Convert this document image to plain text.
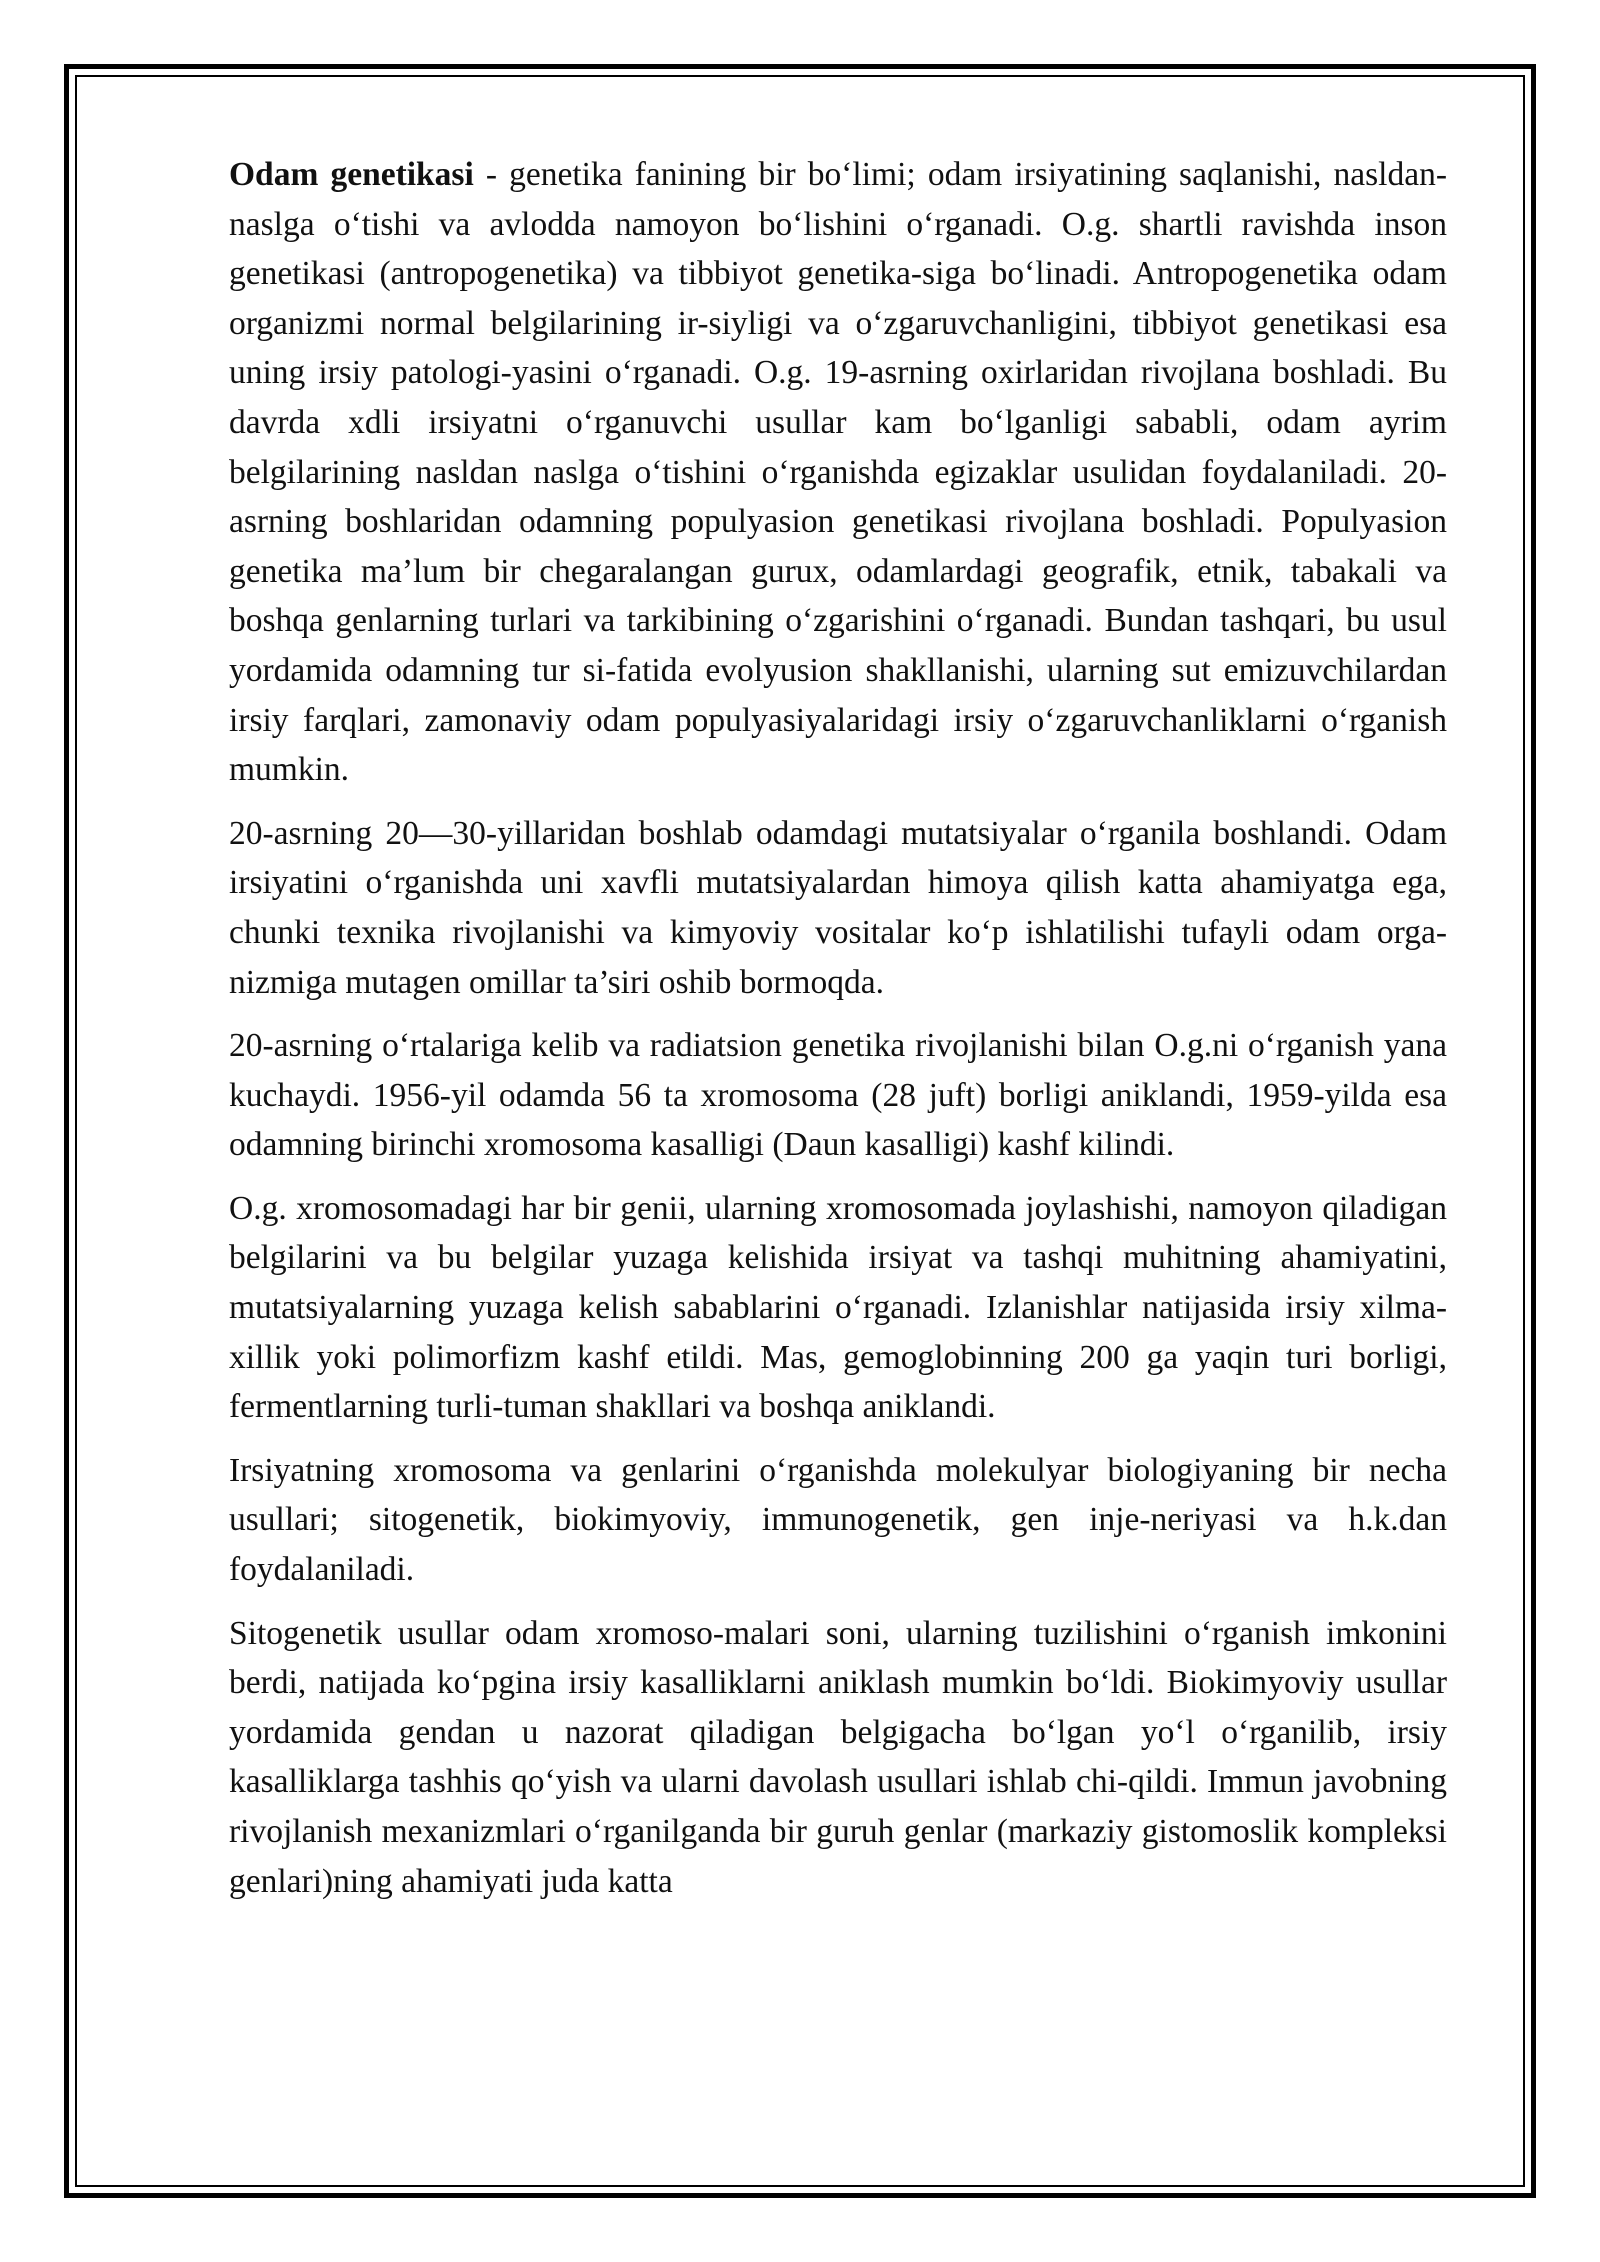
Odam genetikasi - genetika fanining bir bo‘limi; odam irsiyatining saqlanishi, nasldan-naslga o‘tishi va avlodda namoyon bo‘lishini o‘rganadi. O.g. shartli ravishda inson genetikasi (antropogenetika) va tibbiyot genetika-siga bo‘linadi. Antropogenetika odam organizmi normal belgilarining ir-siyligi va o‘zgaruvchanligini, tibbiyot genetikasi esa uning irsiy patologi-yasini o‘rganadi. O.g. 19-asrning oxirlaridan rivojlana boshladi. Bu davrda xdli irsiyatni o‘rganuvchi usullar kam bo‘lganligi sababli, odam ayrim belgilarining nasldan naslga o‘tishini o‘rganishda egizaklar usulidan foydalaniladi. 20-asrning boshlaridan odamning populyasion genetikasi rivojlana boshladi. Populyasion genetika ma’lum bir chegaralangan gurux, odamlardagi geografik, etnik, tabakali va boshqa genlarning turlari va tarkibining o‘zgarishini o‘rganadi. Bundan tashqari, bu usul yordamida odamning tur si-fatida evolyusion shakllanishi, ularning sut emizuvchilardan irsiy farqlari, zamonaviy odam populyasiyalaridagi irsiy o‘zgaruvchanliklarni o‘rganish mumkin.

20-asrning 20—30-yillaridan boshlab odamdagi mutatsiyalar o‘rganila boshlandi. Odam irsiyatini o‘rganishda uni xavfli mutatsiyalardan himoya qilish katta ahamiyatga ega, chunki texnika rivojlanishi va kimyoviy vositalar ko‘p ishlatilishi tufayli odam orga-nizmiga mutagen omillar ta’siri oshib bormoqda.

20-asrning o‘rtalariga kelib va radiatsion genetika rivojlanishi bilan O.g.ni o‘rganish yana kuchaydi. 1956-yil odamda 56 ta xromosoma (28 juft) borligi aniklandi, 1959-yilda esa odamning birinchi xromosoma kasalligi (Daun kasalligi) kashf kilindi.

O.g. xromosomadagi har bir genii, ularning xromosomada joylashishi, namoyon qiladigan belgilarini va bu belgilar yuzaga kelishida irsiyat va tashqi muhitning ahamiyatini, mutatsiyalarning yuzaga kelish sabablarini o‘rganadi. Izlanishlar natijasida irsiy xilma-xillik yoki polimorfizm kashf etildi. Mas, gemoglobinning 200 ga yaqin turi borligi, fermentlarning turli-tuman shakllari va boshqa aniklandi.

Irsiyatning xromosoma va genlarini o‘rganishda molekulyar biologiyaning bir necha usullari; sitogenetik, biokimyoviy, immunogenetik, gen inje-neriyasi va h.k.dan foydalaniladi.

Sitogenetik usullar odam xromoso-malari soni, ularning tuzilishini o‘rganish imkonini berdi, natijada ko‘pgina irsiy kasalliklarni aniklash mumkin bo‘ldi. Biokimyoviy usullar yordamida gendan u nazorat qiladigan belgigacha bo‘lgan yo‘l o‘rganilib, irsiy kasalliklarga tashhis qo‘yish va ularni davolash usullari ishlab chi-qildi. Immun javobning rivojlanish mexanizmlari o‘rganilganda bir guruh genlar (markaziy gistomoslik kompleksi genlari)ning ahamiyati juda katta
